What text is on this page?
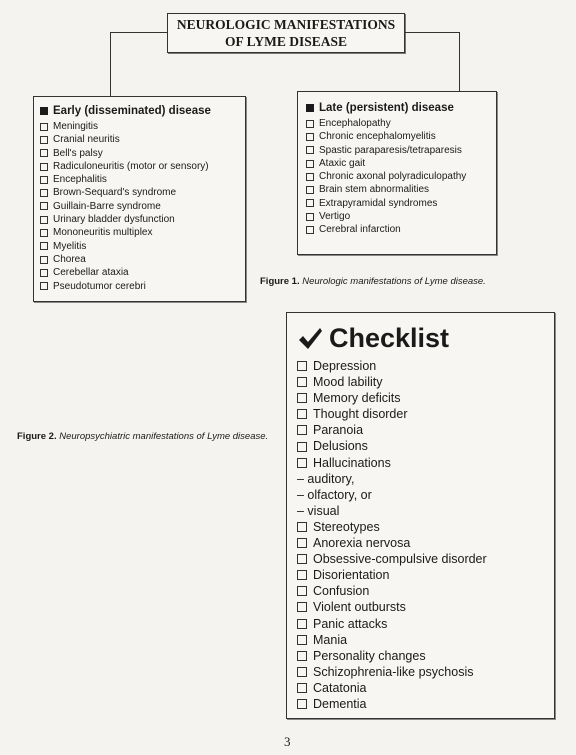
NEUROLOGIC MANIFESTATIONS
OF LYME DISEASE
Early (disseminated) disease
Meningitis
Cranial neuritis
Bell's palsy
Radiculoneuritis (motor or sensory)
Encephalitis
Brown-Sequard's syndrome
Guillain-Barre syndrome
Urinary bladder dysfunction
Mononeuritis multiplex
Myelitis
Chorea
Cerebellar ataxia
Pseudotumor cerebri
Late (persistent) disease
Encephalopathy
Chronic encephalomyelitis
Spastic paraparesis/tetraparesis
Ataxic gait
Chronic axonal polyradiculopathy
Brain stem abnormalities
Extrapyramidal syndromes
Vertigo
Cerebral infarction
Figure 1. Neurologic manifestations of Lyme disease.
Figure 2. Neuropsychiatric manifestations of Lyme disease.
Checklist
Depression
Mood lability
Memory deficits
Thought disorder
Paranoia
Delusions
Hallucinations
– auditory,
– olfactory, or
– visual
Stereotypes
Anorexia nervosa
Obsessive-compulsive disorder
Disorientation
Confusion
Violent outbursts
Panic attacks
Mania
Personality changes
Schizophrenia-like psychosis
Catatonia
Dementia
3
